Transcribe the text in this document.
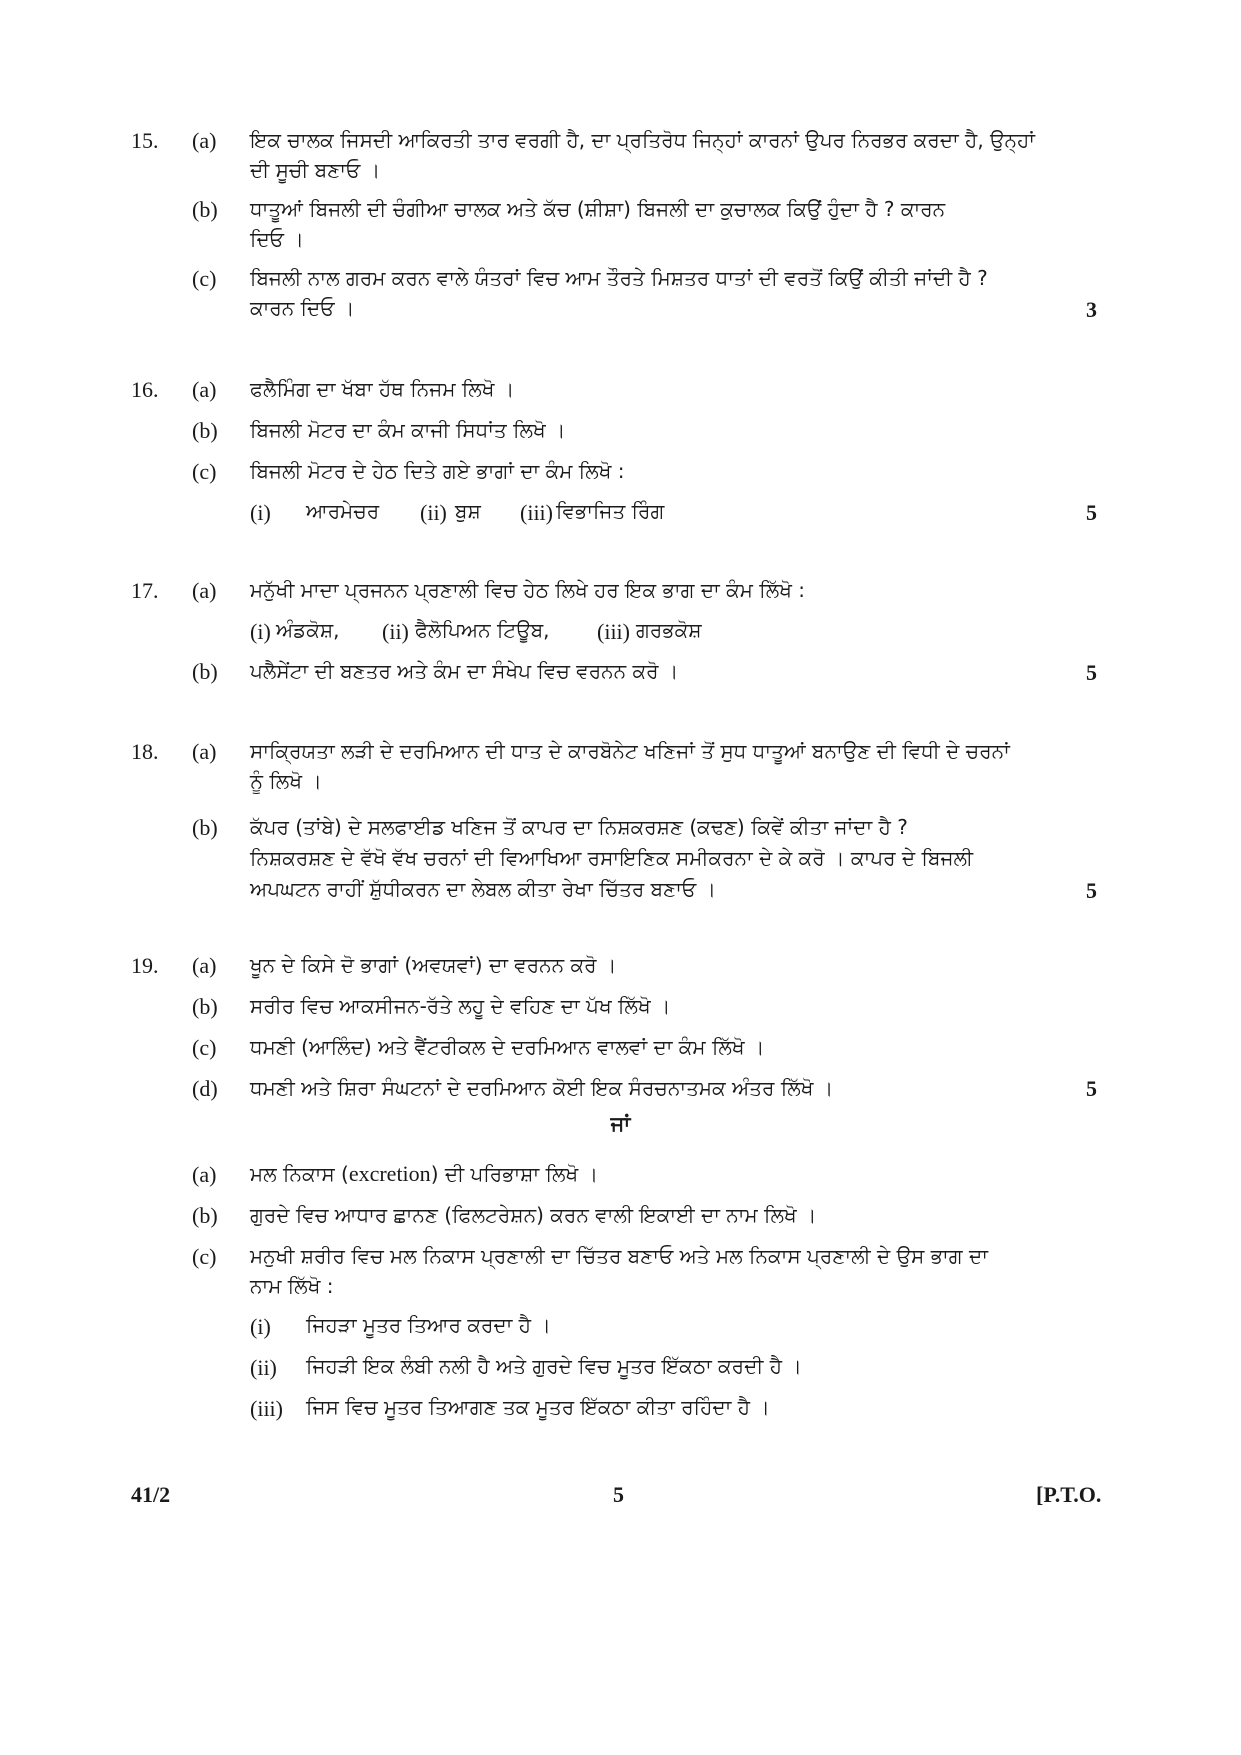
15. (a) ਇਕ ਚਾਲਕ ਜਿਸਦੀ ਆਕਿਰਤੀ ਤਾਰ ਵਰਗੀ ਹੈ, ਦਾ ਪ੍ਰਤਿਰੋਧ ਜਿਨ੍ਹਾਂ ਕਾਰਨਾਂ ਉਪਰ ਨਿਰਭਰ ਕਰਦਾ ਹੈ, ਉਨ੍ਹਾਂ
ਦੀ ਸੂਚੀ ਬਣਾਓ ।
(b) ਧਾਤੂਆਂ ਬਿਜਲੀ ਦੀ ਚੰਗੀਆ ਚਾਲਕ ਅਤੇ ਕੱਚ (ਸ਼ੀਸ਼ਾ) ਬਿਜਲੀ ਦਾ ਕੁਚਾਲਕ ਕਿਉਂ ਹੁੰਦਾ ਹੈ ? ਕਾਰਨ
ਦਿਓ ।
(c) ਬਿਜਲੀ ਨਾਲ ਗਰਮ ਕਰਨ ਵਾਲੇ ਯੰਤਰਾਂ ਵਿਚ ਆਮ ਤੌਰਤੇ ਮਿਸ਼ਤਰ ਧਾਤਾਂ ਦੀ ਵਰਤੋਂ ਕਿਉਂ ਕੀਤੀ ਜਾਂਦੀ ਹੈ ?
ਕਾਰਨ ਦਿਓ ।	3
16. (a) ਫਲੈਮਿੰਗ ਦਾ ਖੱਬਾ ਹੱਥ ਨਿਜਮ ਲਿਖੋ ।
(b) ਬਿਜਲੀ ਮੋਟਰ ਦਾ ਕੰਮ ਕਾਜੀ ਸਿਧਾਂਤ ਲਿਖੋ ।
(c) ਬਿਜਲੀ ਮੋਟਰ ਦੇ ਹੇਠ ਦਿਤੇ ਗਏ ਭਾਗਾਂ ਦਾ ਕੰਮ ਲਿਖੋ :
(i) ਆਰਮੇਚਰ (ii) ਬੁਸ਼ (iii) ਵਿਭਾਜਿਤ ਰਿੰਗ	5
17. (a) ਮਨੁੱਖੀ ਮਾਦਾ ਪ੍ਰਜਨਨ ਪ੍ਰਣਾਲੀ ਵਿਚ ਹੇਠ ਲਿਖੇ ਹਰ ਇਕ ਭਾਗ ਦਾ ਕੰਮ ਲਿੱਖੋ :
(i) ਅੰਡਕੋਸ਼, (ii) ਫੈਲੋਪਿਅਨ ਟਿਊਬ, (iii) ਗਰਭਕੋਸ਼
(b) ਪਲੈਸੇਂਟਾ ਦੀ ਬਣਤਰ ਅਤੇ ਕੰਮ ਦਾ ਸੰਖੇਪ ਵਿਚ ਵਰਨਨ ਕਰੋ ।	5
18. (a) ਸਾਕ੍ਰਿਯਤਾ ਲੜੀ ਦੇ ਦਰਮਿਆਨ ਦੀ ਧਾਤ ਦੇ ਕਾਰਬੋਨੇਟ ਖਣਿਜਾਂ ਤੋਂ ਸੁਧ ਧਾਤੂਆਂ ਬਨਾਉਣ ਦੀ ਵਿਧੀ ਦੇ ਚਰਨਾਂ
ਨੂੰ ਲਿਖੋ ।
(b) ਕੱਪਰ (ਤਾਂਬੇ) ਦੇ ਸਲਫਾਈਡ ਖਣਿਜ ਤੋਂ ਕਾਪਰ ਦਾ ਨਿਸ਼ਕਰਸ਼ਣ (ਕਢਣ) ਕਿਵੇਂ ਕੀਤਾ ਜਾਂਦਾ ਹੈ ?
ਨਿਸ਼ਕਰਸ਼ਣ ਦੇ ਵੱਖੋ ਵੱਖ ਚਰਨਾਂ ਦੀ ਵਿਆਖਿਆ ਰਸਾਇਣਿਕ ਸਮੀਕਰਨਾ ਦੇ ਕੇ ਕਰੋ । ਕਾਪਰ ਦੇ ਬਿਜਲੀ
ਅਪਘਟਨ ਰਾਹੀਂ ਸ਼ੁੱਧੀਕਰਨ ਦਾ ਲੇਬਲ ਕੀਤਾ ਰੇਖਾ ਚਿੱਤਰ ਬਣਾਓ ।	5
19. (a) ਖੂਨ ਦੇ ਕਿਸੇ ਦੋ ਭਾਗਾਂ (ਅਵਯਵਾਂ) ਦਾ ਵਰਨਨ ਕਰੋ ।
(b) ਸਰੀਰ ਵਿਚ ਆਕਸੀਜਨ-ਰੱਤੇ ਲਹੂ ਦੇ ਵਹਿਣ ਦਾ ਪੱਖ ਲਿੱਖੋ ।
(c) ਧਮਣੀ (ਆਲਿੰਦ) ਅਤੇ ਵੈਂਟਰੀਕਲ ਦੇ ਦਰਮਿਆਨ ਵਾਲਵਾਂ ਦਾ ਕੰਮ ਲਿੱਖੋ ।
(d) ਧਮਣੀ ਅਤੇ ਸ਼ਿਰਾ ਸੰਘਟਨਾਂ ਦੇ ਦਰਮਿਆਨ ਕੋਈ ਇਕ ਸੰਰਚਨਾਤਮਕ ਅੰਤਰ ਲਿੱਖੋ ।	5
ਜਾਂ
(a) ਮਲ ਨਿਕਾਸ (excretion) ਦੀ ਪਰਿਭਾਸ਼ਾ ਲਿਖੋ ।
(b) ਗੁਰਦੇ ਵਿਚ ਆਧਾਰ ਛਾਨਣ (ਫਿਲਟਰੇਸ਼ਨ) ਕਰਨ ਵਾਲੀ ਇਕਾਈ ਦਾ ਨਾਮ ਲਿਖੋ ।
(c) ਮਨੁਖੀ ਸ਼ਰੀਰ ਵਿਚ ਮਲ ਨਿਕਾਸ ਪ੍ਰਣਾਲੀ ਦਾ ਚਿੱਤਰ ਬਣਾਓ ਅਤੇ ਮਲ ਨਿਕਾਸ ਪ੍ਰਣਾਲੀ ਦੇ ਉਸ ਭਾਗ ਦਾ
ਨਾਮ ਲਿੱਖੋ :
(i) ਜਿਹੜਾ ਮੂਤਰ ਤਿਆਰ ਕਰਦਾ ਹੈ ।
(ii) ਜਿਹੜੀ ਇਕ ਲੰਬੀ ਨਲੀ ਹੈ ਅਤੇ ਗੁਰਦੇ ਵਿਚ ਮੂਤਰ ਇੱਕਠਾ ਕਰਦੀ ਹੈ ।
(iii) ਜਿਸ ਵਿਚ ਮੂਤਰ ਤਿਆਗਣ ਤਕ ਮੂਤਰ ਇੱਕਠਾ ਕੀਤਾ ਰਹਿੰਦਾ ਹੈ ।
41/2	5	[P.T.O.
